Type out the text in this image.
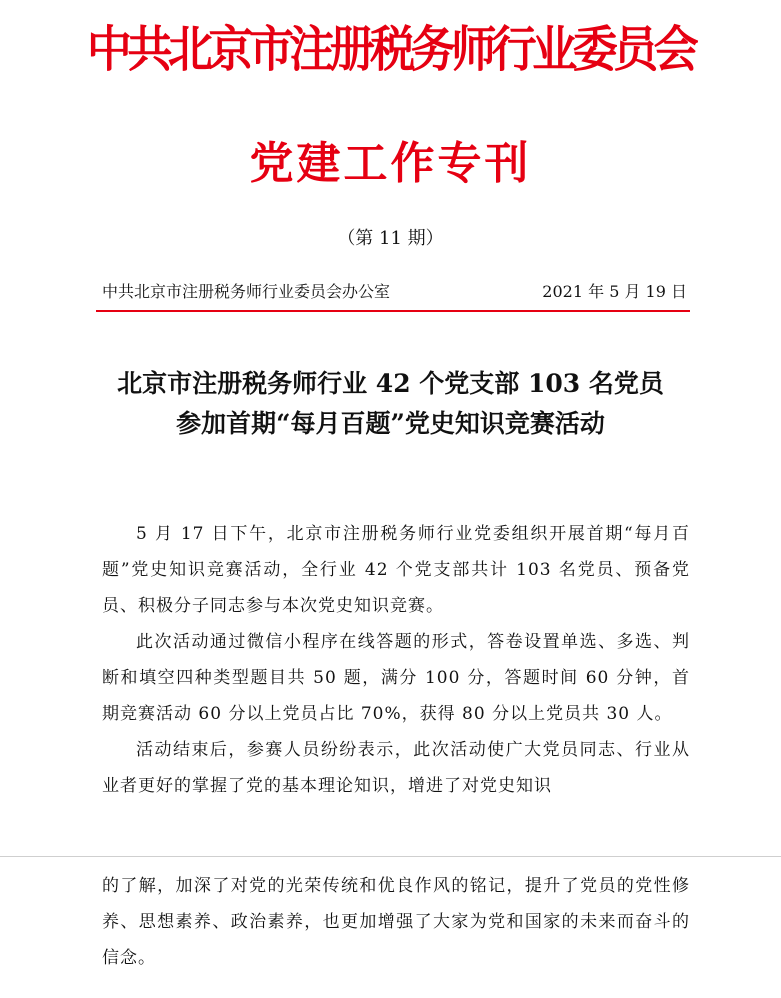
中共北京市注册税务师行业委员会
党建工作专刊
（第 11 期）
中共北京市注册税务师行业委员会办公室	2021 年 5 月 19 日
北京市注册税务师行业 42 个党支部 103 名党员
参加首期“每月百题”党史知识竞赛活动

5 月 17 日下午，北京市注册税务师行业党委组织开展首期“每月百题”党史知识竞赛活动，全行业 42 个党支部共计 103 名党员、预备党员、积极分子同志参与本次党史知识竞赛。

此次活动通过微信小程序在线答题的形式，答卷设置单选、多选、判断和填空四种类型题目共 50 题，满分 100 分，答题时间 60 分钟，首期竞赛活动 60 分以上党员占比 70%，获得 80 分以上党员共 30 人。

活动结束后，参赛人员纷纷表示，此次活动使广大党员同志、行业从业者更好的掌握了党的基本理论知识，增进了对党史知识

的了解，加深了对党的光荣传统和优良作风的铭记，提升了党员的党性修养、思想素养、政治素养，也更加增强了大家为党和国家的未来而奋斗的信念。
